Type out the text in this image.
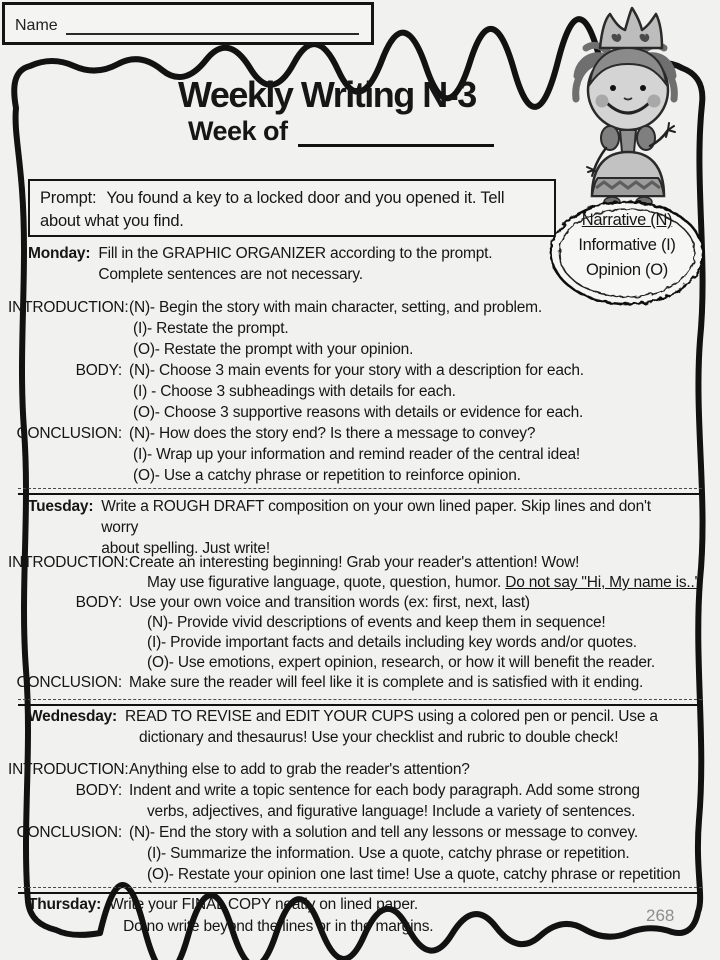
Name
Weekly Writing N-3
Week of
Prompt: You found a key to a locked door and you opened it. Tell about what you find.	Narrative (N)
Informative (I)
Opinion (O)
Monday: Fill in the GRAPHIC ORGANIZER according to the prompt.
Complete sentences are not necessary.
INTRODUCTION: (N)- Begin the story with main character, setting, and problem.
(I)- Restate the prompt.
(O)- Restate the prompt with your opinion.
BODY: (N)- Choose 3 main events for your story with a description for each.
(I) - Choose 3 subheadings with details for each.
(O)- Choose 3 supportive reasons with details or evidence for each.
CONCLUSION: (N)- How does the story end? Is there a message to convey?
(I)- Wrap up your information and remind reader of the central idea!
(O)- Use a catchy phrase or repetition to reinforce opinion.
Tuesday: Write a ROUGH DRAFT composition on your own lined paper. Skip lines and don't worry
about spelling. Just write!
INTRODUCTION: Create an interesting beginning! Grab your reader's attention! Wow!
May use figurative language, quote, question, humor. Do not say "Hi, My name is.."
BODY: Use your own voice and transition words (ex: first, next, last)
(N)- Provide vivid descriptions of events and keep them in sequence!
(I)- Provide important facts and details including key words and/or quotes.
(O)- Use emotions, expert opinion, research, or how it will benefit the reader.
CONCLUSION: Make sure the reader will feel like it is complete and is satisfied with it ending.
Wednesday: READ TO REVISE and EDIT YOUR CUPS using a colored pen or pencil. Use a
dictionary and thesaurus! Use your checklist and rubric to double check!
INTRODUCTION: Anything else to add to grab the reader's attention?
BODY: Indent and write a topic sentence for each body paragraph. Add some strong
verbs, adjectives, and figurative language! Include a variety of sentences.
CONCLUSION: (N)- End the story with a solution and tell any lessons or message to convey.
(I)- Summarize the information. Use a quote, catchy phrase or repetition.
(O)- Restate your opinion one last time! Use a quote, catchy phrase or repetition
Thursday: Write your FINAL COPY neatly on lined paper.
Do no write beyond the lines or in the margins.
268
